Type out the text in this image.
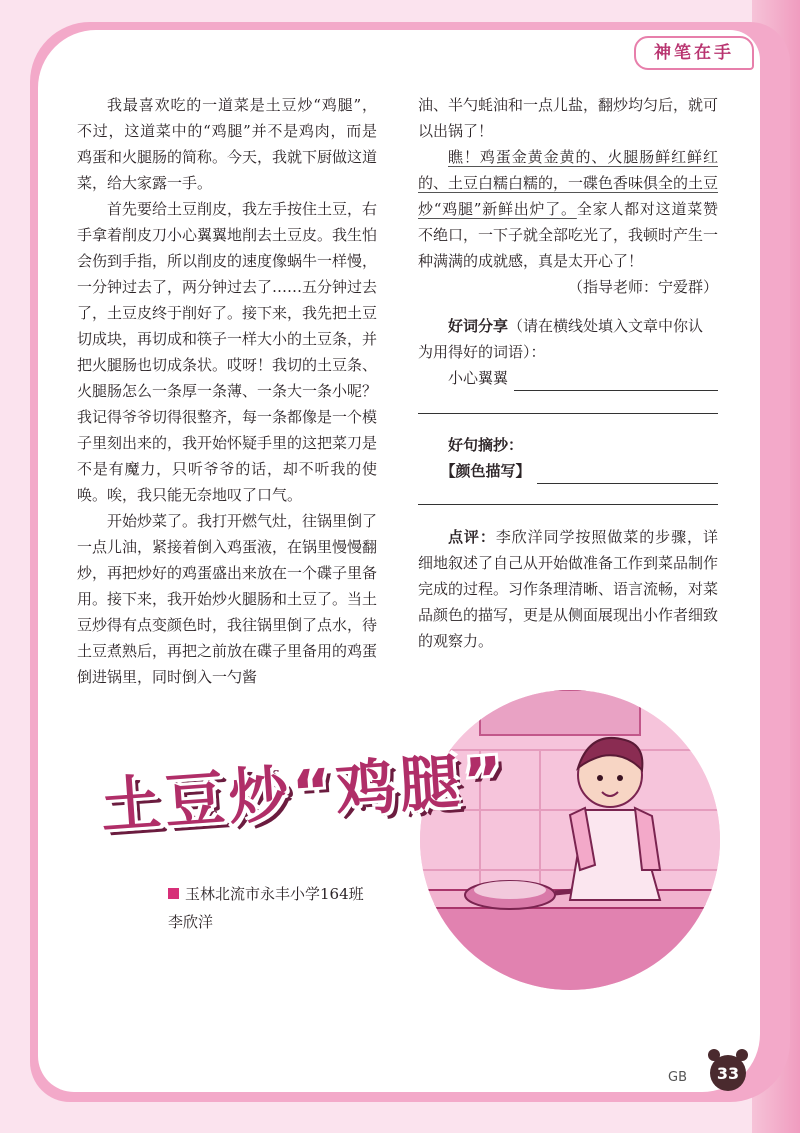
神笔在手

我最喜欢吃的一道菜是土豆炒“鸡腿”，不过，这道菜中的“鸡腿”并不是鸡肉，而是鸡蛋和火腿肠的简称。今天，我就下厨做这道菜，给大家露一手。

首先要给土豆削皮，我左手按住土豆，右手拿着削皮刀小心翼翼地削去土豆皮。我生怕会伤到手指，所以削皮的速度像蜗牛一样慢，一分钟过去了，两分钟过去了……五分钟过去了，土豆皮终于削好了。接下来，我先把土豆切成块，再切成和筷子一样大小的土豆条，并把火腿肠也切成条状。哎呀！我切的土豆条、火腿肠怎么一条厚一条薄、一条大一条小呢？我记得爷爷切得很整齐，每一条都像是一个模子里刻出来的，我开始怀疑手里的这把菜刀是不是有魔力，只听爷爷的话，却不听我的使唤。唉，我只能无奈地叹了口气。

开始炒菜了。我打开燃气灶，往锅里倒了一点儿油，紧接着倒入鸡蛋液，在锅里慢慢翻炒，再把炒好的鸡蛋盛出来放在一个碟子里备用。接下来，我开始炒火腿肠和土豆了。当土豆炒得有点变颜色时，我往锅里倒了点水，待土豆煮熟后，再把之前放在碟子里备用的鸡蛋倒进锅里，同时倒入一勺酱

油、半勺蚝油和一点儿盐，翻炒均匀后，就可以出锅了！

瞧！鸡蛋金黄金黄的、火腿肠鲜红鲜红的、土豆白糯白糯的，一碟色香味俱全的土豆炒“鸡腿”新鲜出炉了。全家人都对这道菜赞不绝口，一下子就全部吃光了，我顿时产生一种满满的成就感，真是太开心了！

（指导老师：宁爱群）
好词分享（请在横线处填入文章中你认为用得好的词语）：
小心翼翼
好句摘抄：
【颜色描写】
点评：李欣洋同学按照做菜的步骤，详细地叙述了自己从开始做准备工作到菜品制作完成的过程。习作条理清晰、语言流畅，对菜品颜色的描写，更是从侧面展现出小作者细致的观察力。
土豆炒“鸡腿”
玉林北流市永丰小学164班
李欣洋
GB	33
